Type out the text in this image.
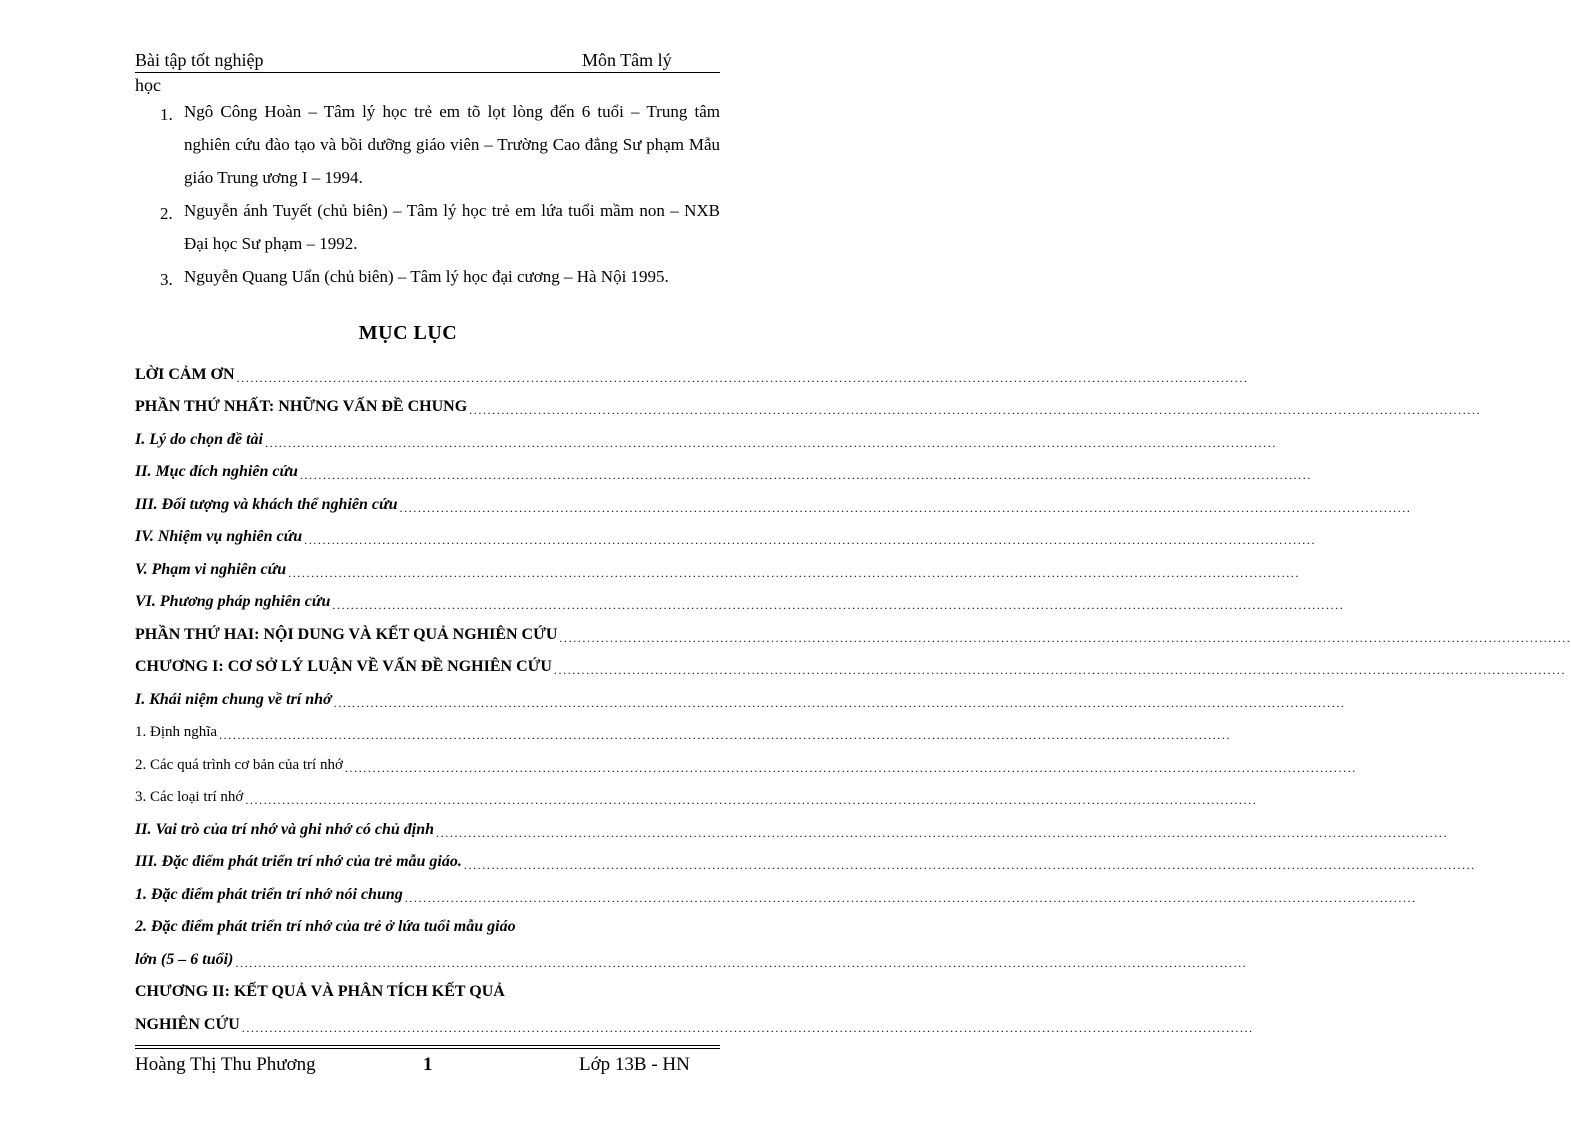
Bài tập tốt nghiệp	Môn Tâm lý
học
1. Ngô Công Hoàn – Tâm lý học trẻ em tõ lọt lòng đến 6 tuổi – Trung tâm nghiên cứu đào tạo và bồi dưỡng giáo viên – Trường Cao đẳng Sư phạm Mẫu giáo Trung ương I – 1994.
2. Nguyễn ánh Tuyết (chủ biên) – Tâm lý học trẻ em lứa tuổi mầm non – NXB Đại học Sư phạm – 1992.
3. Nguyễn Quang Uẩn (chủ biên) – Tâm lý học đại cương – Hà Nội 1995.
MỤC LỤC
LỜI CẢM ƠN ............................................................................................................................................................................................................................
PHẦN THỨ NHẤT: NHỮNG VẤN ĐỀ CHUNG ............................................................................................................................................................................................................................
I. Lý do chọn đề tài ............................................................................................................................................................................................................................
II. Mục đích nghiên cứu ............................................................................................................................................................................................................................
III. Đối tượng và khách thể nghiên cứu ............................................................................................................................................................................................................................
IV. Nhiệm vụ nghiên cứu ............................................................................................................................................................................................................................
V. Phạm vi nghiên cứu ............................................................................................................................................................................................................................
VI. Phương pháp nghiên cứu ............................................................................................................................................................................................................................
PHẦN THỨ HAI: NỘI DUNG VÀ KẾT QUẢ NGHIÊN CỨU ............................................................................................................................................................................................................................
CHƯƠNG I: CƠ SỞ LÝ LUẬN VỀ VẤN ĐỀ NGHIÊN CỨU ............................................................................................................................................................................................................................
I. Khái niệm chung về trí nhớ ............................................................................................................................................................................................................................
1. Định nghĩa ............................................................................................................................................................................................................................
2. Các quá trình cơ bản của trí nhớ ............................................................................................................................................................................................................................
3. Các loại trí nhớ ............................................................................................................................................................................................................................
II. Vai trò của trí nhớ và ghi nhớ có chủ định ............................................................................................................................................................................................................................
III. Đặc điểm phát triển trí nhớ của trẻ mẫu giáo. ............................................................................................................................................................................................................................
1. Đặc điểm phát triển trí nhớ nói chung ............................................................................................................................................................................................................................
2. Đặc điểm phát triển trí nhớ của trẻ ở lứa tuổi mẫu giáo
lớn (5 – 6 tuổi) ............................................................................................................................................................................................................................
CHƯƠNG II: KẾT QUẢ VÀ PHÂN TÍCH KẾT QUẢ
NGHIÊN CỨU ............................................................................................................................................................................................................................
Hoàng Thị Thu Phương	1	Lớp 13B - HN
